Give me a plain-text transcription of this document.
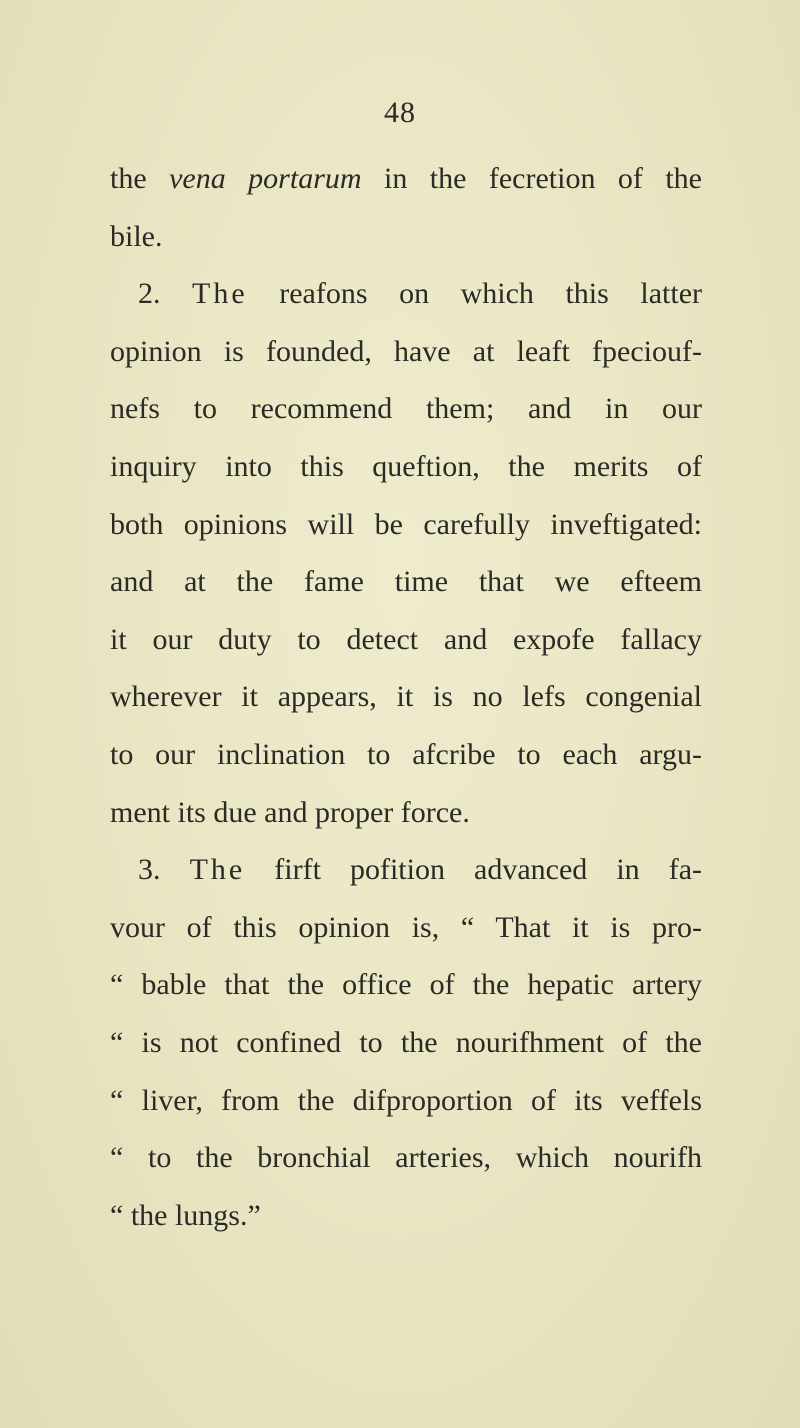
48
the vena portarum in the fecretion of the
bile.
2. The reafons on which this latter
opinion is founded, have at leaft fpeciouf-
nefs to recommend them; and in our
inquiry into this queftion, the merits of
both opinions will be carefully inveftigated:
and at the fame time that we efteem
it our duty to detect and expofe fallacy
wherever it appears, it is no lefs congenial
to our inclination to afcribe to each argu-
ment its due and proper force.
3. The firft pofition advanced in fa-
vour of this opinion is, “ That it is pro-
“ bable that the office of the hepatic artery
“ is not confined to the nourifhment of the
“ liver, from the difproportion of its veffels
“ to the bronchial arteries, which nourifh
“ the lungs.”
